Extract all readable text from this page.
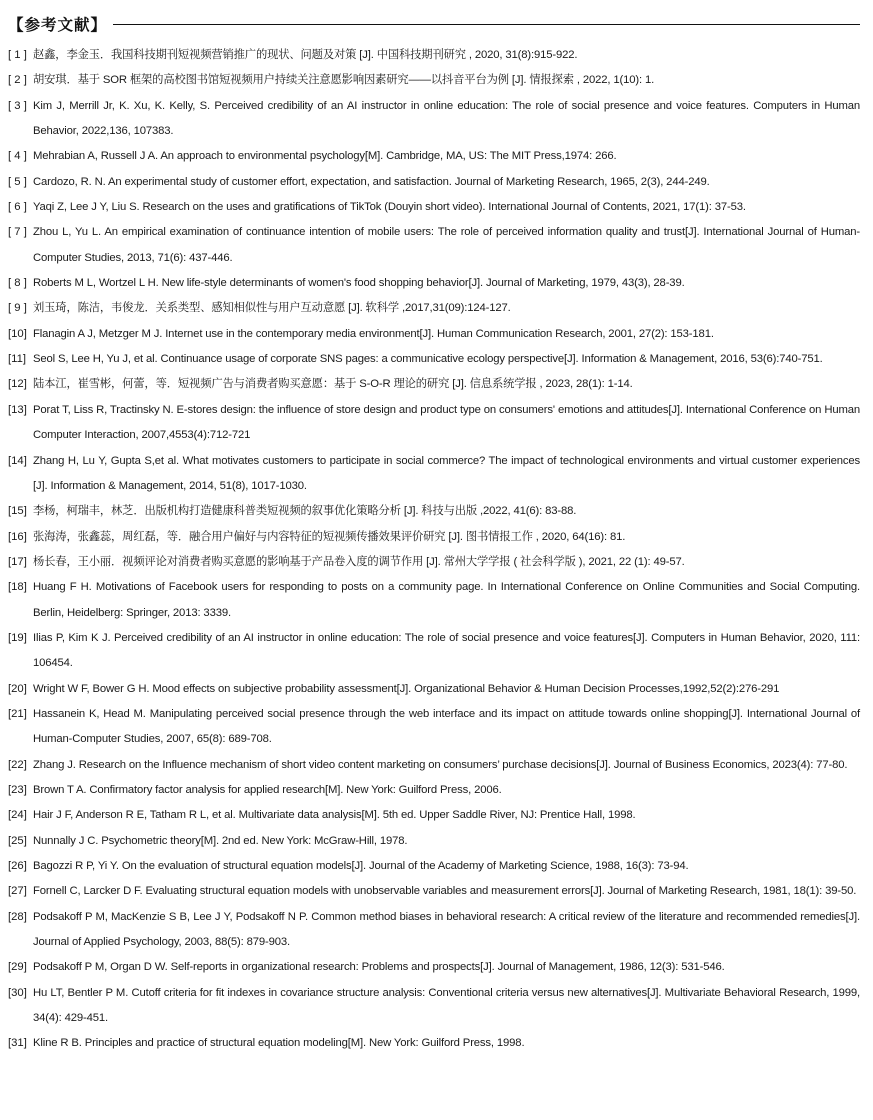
【参考文献】
[ 1 ] 赵鑫，李金玉．我国科技期刊短视频营销推广的现状、问题及对策 [J]. 中国科技期刊研究 , 2020, 31(8):915-922.
[ 2 ] 胡安琪．基于 SOR 框架的高校图书馆短视频用户持续关注意愿影响因素研究——以抖音平台为例 [J]. 情报探索 , 2022, 1(10): 1.
[ 3 ] Kim J, Merrill Jr, K. Xu, K. Kelly, S. Perceived credibility of an AI instructor in online education: The role of social presence and voice features. Computers in Human Behavior, 2022,136, 107383.
[ 4 ] Mehrabian A, Russell J A. An approach to environmental psychology[M]. Cambridge, MA, US: The MIT Press,1974: 266.
[ 5 ] Cardozo, R. N. An experimental study of customer effort, expectation, and satisfaction. Journal of Marketing Research, 1965, 2(3), 244-249.
[ 6 ] Yaqi Z, Lee J Y, Liu S. Research on the uses and gratifications of TikTok (Douyin short video). International Journal of Contents, 2021, 17(1): 37-53.
[ 7 ] Zhou L, Yu L. An empirical examination of continuance intention of mobile users: The role of perceived information quality and trust[J]. International Journal of Human-Computer Studies, 2013, 71(6): 437-446.
[ 8 ] Roberts M L, Wortzel L H. New life-style determinants of women's food shopping behavior[J]. Journal of Marketing, 1979, 43(3), 28-39.
[ 9 ] 刘玉琦，陈洁，韦俊龙．关系类型、感知相似性与用户互动意愿 [J]. 软科学 ,2017,31(09):124-127.
[10] Flanagin A J, Metzger M J. Internet use in the contemporary media environment[J]. Human Communication Research, 2001, 27(2): 153-181.
[11] Seol S, Lee H, Yu J, et al. Continuance usage of corporate SNS pages: a communicative ecology perspective[J]. Information & Management, 2016, 53(6):740-751.
[12] 陆本江，崔雪彬，何蕾，等．短视频广告与消费者购买意愿：基于 S-O-R 理论的研究 [J]. 信息系统学报 , 2023, 28(1): 1-14.
[13] Porat T, Liss R, Tractinsky N. E-stores design: the influence of store design and product type on consumers' emotions and attitudes[J]. International Conference on Human Computer Interaction, 2007,4553(4):712-721
[14] Zhang H, Lu Y, Gupta S,et al. What motivates customers to participate in social commerce? The impact of technological environments and virtual customer experiences [J]. Information & Management, 2014, 51(8), 1017-1030.
[15] 李杨，柯瑞丰，林芝．出版机构打造健康科普类短视频的叙事优化策略分析 [J]. 科技与出版 ,2022, 41(6): 83-88.
[16] 张海涛，张鑫蕊，周红磊，等．融合用户偏好与内容特征的短视频传播效果评价研究 [J]. 图书情报工作 , 2020, 64(16): 81.
[17] 杨长春，王小丽．视频评论对消费者购买意愿的影响基于产品卷入度的调节作用 [J]. 常州大学学报 ( 社会科学版 ), 2021, 22 (1): 49-57.
[18] Huang F H. Motivations of Facebook users for responding to posts on a community page. In International Conference on Online Communities and Social Computing. Berlin, Heidelberg: Springer, 2013: 3339.
[19] Ilias P, Kim K J. Perceived credibility of an AI instructor in online education: The role of social presence and voice features[J]. Computers in Human Behavior, 2020, 111: 106454.
[20] Wright W F, Bower G H. Mood effects on subjective probability assessment[J]. Organizational Behavior & Human Decision Processes,1992,52(2):276-291
[21] Hassanein K, Head M. Manipulating perceived social presence through the web interface and its impact on attitude towards online shopping[J]. International Journal of Human-Computer Studies, 2007, 65(8): 689-708.
[22] Zhang J. Research on the Influence mechanism of short video content marketing on consumers’ purchase decisions[J]. Journal of Business Economics, 2023(4): 77-80.
[23] Brown T A. Confirmatory factor analysis for applied research[M]. New York: Guilford Press, 2006.
[24] Hair J F, Anderson R E, Tatham R L, et al. Multivariate data analysis[M]. 5th ed. Upper Saddle River, NJ: Prentice Hall, 1998.
[25] Nunnally J C. Psychometric theory[M]. 2nd ed. New York: McGraw-Hill, 1978.
[26] Bagozzi R P, Yi Y. On the evaluation of structural equation models[J]. Journal of the Academy of Marketing Science, 1988, 16(3): 73-94.
[27] Fornell C, Larcker D F. Evaluating structural equation models with unobservable variables and measurement errors[J]. Journal of Marketing Research, 1981, 18(1): 39-50.
[28] Podsakoff P M, MacKenzie S B, Lee J Y, Podsakoff N P. Common method biases in behavioral research: A critical review of the literature and recommended remedies[J]. Journal of Applied Psychology, 2003, 88(5): 879-903.
[29] Podsakoff P M, Organ D W. Self-reports in organizational research: Problems and prospects[J]. Journal of Management, 1986, 12(3): 531-546.
[30] Hu LT, Bentler P M. Cutoff criteria for fit indexes in covariance structure analysis: Conventional criteria versus new alternatives[J]. Multivariate Behavioral Research, 1999, 34(4): 429-451.
[31] Kline R B. Principles and practice of structural equation modeling[M]. New York: Guilford Press, 1998.
